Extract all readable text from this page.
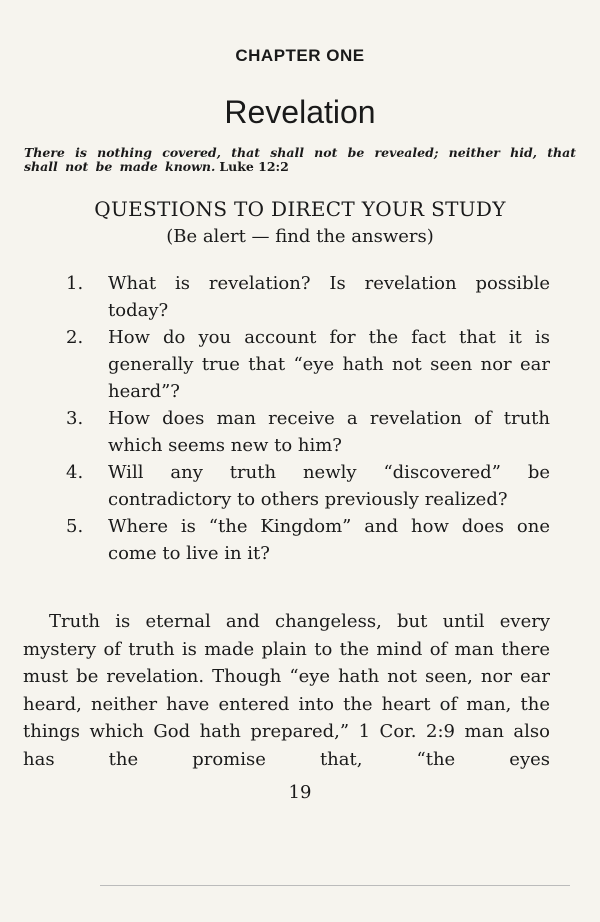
CHAPTER ONE
Revelation
There is nothing covered, that shall not be revealed; neither hid, that shall not be made known. Luke 12:2
QUESTIONS TO DIRECT YOUR STUDY
(Be alert — find the answers)
1.	What is revelation? Is revelation possible today?
2.	How do you account for the fact that it is generally true that “eye hath not seen nor ear heard”?
3.	How does man receive a revelation of truth which seems new to him?
4.	Will any truth newly “discovered” be contradictory to others previously realized?
5.	Where is “the Kingdom” and how does one come to live in it?
Truth is eternal and changeless, but until every mystery of truth is made plain to the mind of man there must be revelation. Though “eye hath not seen, nor ear heard, neither have entered into the heart of man, the things which God hath prepared,” 1 Cor. 2:9 man also has the promise that, “the eyes
19
